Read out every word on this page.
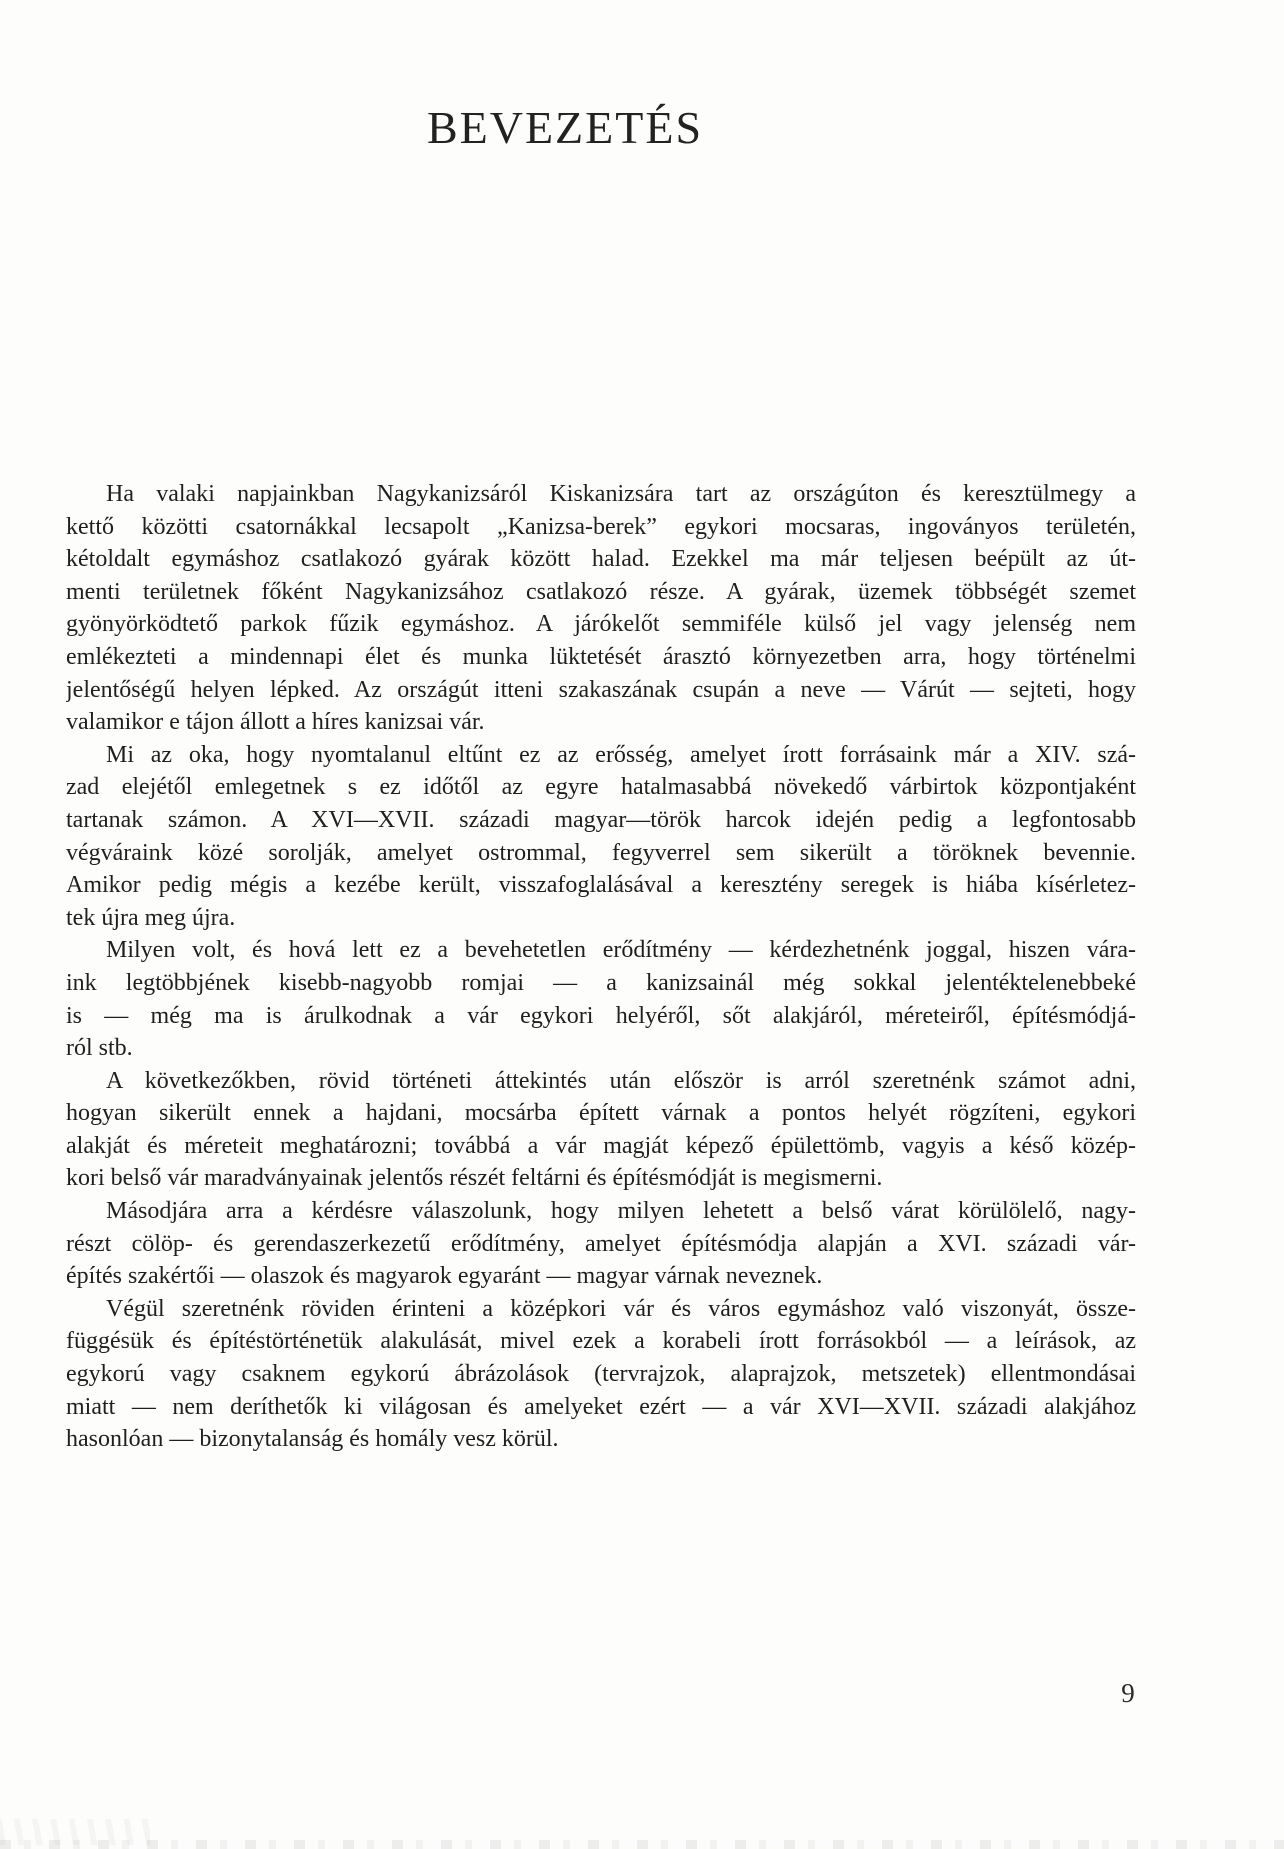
BEVEZETÉS
Ha valaki napjainkban Nagykanizsáról Kiskanizsára tart az országúton és keresztülmegy a
kettő közötti csatornákkal lecsapolt „Kanizsa-berek” egykori mocsaras, ingoványos területén,
kétoldalt egymáshoz csatlakozó gyárak között halad. Ezekkel ma már teljesen beépült az út-
menti területnek főként Nagykanizsához csatlakozó része. A gyárak, üzemek többségét szemet
gyönyörködtető parkok fűzik egymáshoz. A járókelőt semmiféle külső jel vagy jelenség nem
emlékezteti a mindennapi élet és munka lüktetését árasztó környezetben arra, hogy történelmi
jelentőségű helyen lépked. Az országút itteni szakaszának csupán a neve — Várút — sejteti, hogy
valamikor e tájon állott a híres kanizsai vár.
Mi az oka, hogy nyomtalanul eltűnt ez az erősség, amelyet írott forrásaink már a XIV. szá-
zad elejétől emlegetnek s ez időtől az egyre hatalmasabbá növekedő várbirtok központjaként
tartanak számon. A XVI—XVII. századi magyar—török harcok idején pedig a legfontosabb
végváraink közé sorolják, amelyet ostrommal, fegyverrel sem sikerült a töröknek bevennie.
Amikor pedig mégis a kezébe került, visszafoglalásával a keresztény seregek is hiába kísérletez-
tek újra meg újra.
Milyen volt, és hová lett ez a bevehetetlen erődítmény — kérdezhetnénk joggal, hiszen vára-
ink legtöbbjének kisebb-nagyobb romjai — a kanizsainál még sokkal jelentéktelenebbeké
is — még ma is árulkodnak a vár egykori helyéről, sőt alakjáról, méreteiről, építésmódjá-
ról stb.
A következőkben, rövid történeti áttekintés után először is arról szeretnénk számot adni,
hogyan sikerült ennek a hajdani, mocsárba épített várnak a pontos helyét rögzíteni, egykori
alakját és méreteit meghatározni; továbbá a vár magját képező épülettömb, vagyis a késő közép-
kori belső vár maradványainak jelentős részét feltárni és építésmódját is megismerni.
Másodjára arra a kérdésre válaszolunk, hogy milyen lehetett a belső várat körülölelő, nagy-
részt cölöp- és gerendaszerkezetű erődítmény, amelyet építésmódja alapján a XVI. századi vár-
építés szakértői — olaszok és magyarok egyaránt — magyar várnak neveznek.
Végül szeretnénk röviden érinteni a középkori vár és város egymáshoz való viszonyát, össze-
függésük és építéstörténetük alakulását, mivel ezek a korabeli írott forrásokból — a leírások, az
egykorú vagy csaknem egykorú ábrázolások (tervrajzok, alaprajzok, metszetek) ellentmondásai
miatt — nem deríthetők ki világosan és amelyeket ezért — a vár XVI—XVII. századi alakjához
hasonlóan — bizonytalanság és homály vesz körül.
9
